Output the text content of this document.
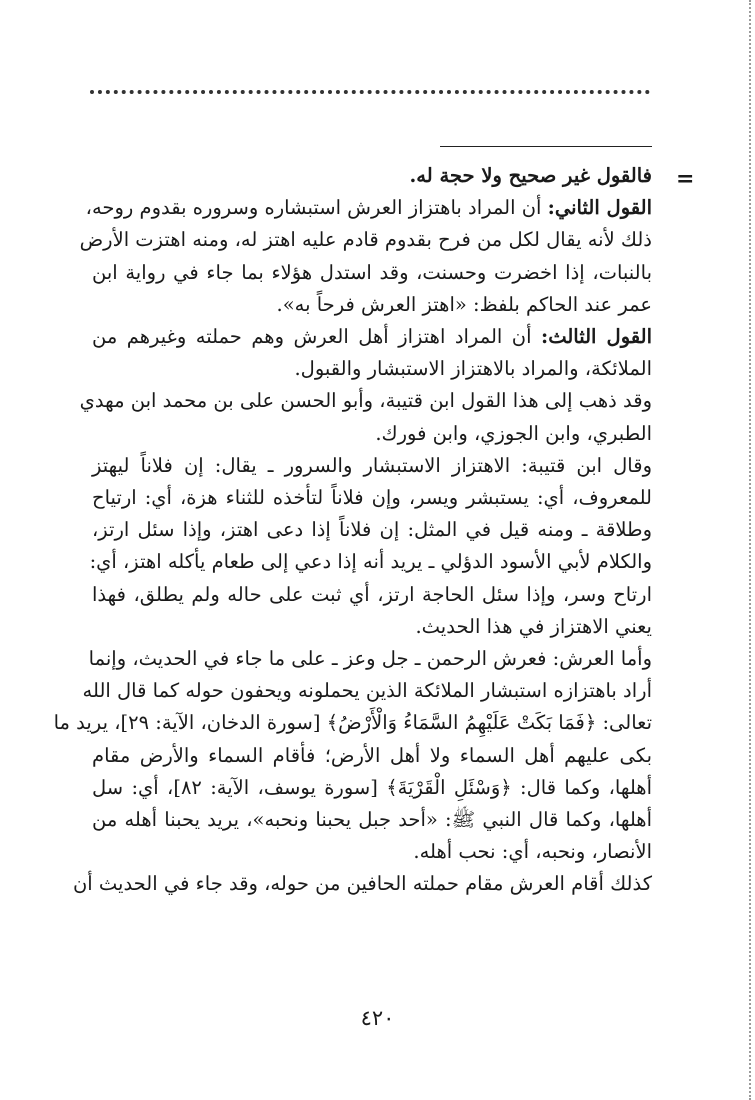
=
فالقول غير صحيح ولا حجة له.
القول الثاني: أن المراد باهتزاز العرش استبشاره وسروره بقدوم روحه،
ذلك لأنه يقال لكل من فرح بقدوم قادم عليه اهتز له، ومنه اهتزت الأرض
بالنبات، إذا اخضرت وحسنت، وقد استدل هؤلاء بما جاء في رواية ابن
عمر عند الحاكم بلفظ: «اهتز العرش فرحاً به».
القول الثالث: أن المراد اهتزاز أهل العرش وهم حملته وغيرهم من
الملائكة، والمراد بالاهتزاز الاستبشار والقبول.
وقد ذهب إلى هذا القول ابن قتيبة، وأبو الحسن على بن محمد ابن مهدي
الطبري، وابن الجوزي، وابن فورك.
وقال ابن قتيبة: الاهتزاز الاستبشار والسرور ـ يقال: إن فلاناً ليهتز
للمعروف، أي: يستبشر ويسر، وإن فلاناً لتأخذه للثناء هزة، أي: ارتياح
وطلاقة ـ ومنه قيل في المثل: إن فلاناً إذا دعى اهتز، وإذا سئل ارتز،
والكلام لأبي الأسود الدؤلي ـ يريد أنه إذا دعي إلى طعام يأكله اهتز، أي:
ارتاح وسر، وإذا سئل الحاجة ارتز، أي ثبت على حاله ولم يطلق، فهذا
يعني الاهتزاز في هذا الحديث.
وأما العرش: فعرش الرحمن ـ جل وعز ـ على ما جاء في الحديث، وإنما
أراد باهتزازه استبشار الملائكة الذين يحملونه ويحفون حوله كما قال الله
تعالى: ﴿فَمَا بَكَتْ عَلَيْهِمُ السَّمَاءُ وَالْأَرْضُ﴾ [سورة الدخان، الآية: ٢٩]، يريد ما
بكى عليهم أهل السماء ولا أهل الأرض؛ فأقام السماء والأرض مقام
أهلها، وكما قال: ﴿وَسْئَلِ الْقَرْيَةَ﴾ [سورة يوسف، الآية: ٨٢]، أي: سل
أهلها، وكما قال النبي ﷺ: «أحد جبل يحبنا ونحبه»، يريد يحبنا أهله من
الأنصار، ونحبه، أي: نحب أهله.
كذلك أقام العرش مقام حملته الحافين من حوله، وقد جاء في الحديث أن
٤٢٠
